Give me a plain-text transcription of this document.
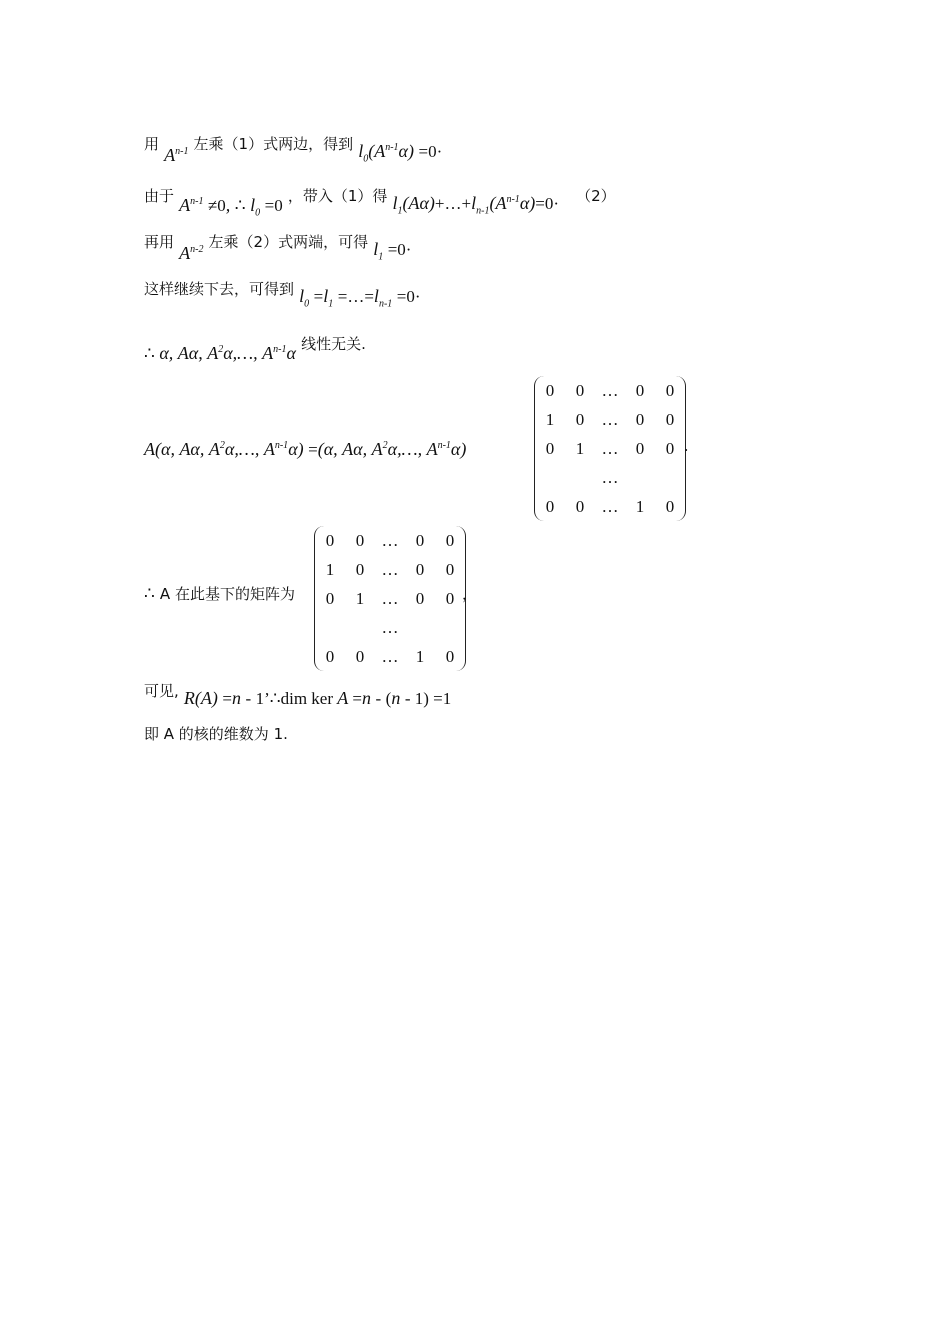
用 $A^{n-1}$ 左乘（1）式两边，得到 $l_0(A^{n-1}\alpha) =0\cdot$
由于 $A^{n-1} \ne 0$, ∴ $l_0 =0$ ，带入（1）得 $l_1(A\alpha)+\dots+l_{n-1}(A^{n-1}\alpha)=0\cdot (2)$
再用 $A^{n-2}$ 左乘（2）式两端，可得 $l_1 =0\cdot$
这样继续下去，可得到 $l_0 =l_1$ $=\dots=l_{n-1} =0\cdot$
∴ α, Aα, $A^2\alpha,\dots$, $A^{n-1}\alpha$ 线性无关.
A(α, Aα, $A^2\alpha,\dots$, $A^{n-1}\alpha) =(\alpha$, Aα, $A^2\alpha,\dots$, $A^{n-1}\alpha$)
0	0	…	0	0
1	0	…	0	0
0	1	…	0	0
		…		
0	0	…	1	0
.
∴ A 在此基下的矩阵为
0	0	…	0	0
1	0	…	0	0
0	1	…	0	0
		…		
0	0	…	1	0
，
可见, R(A) =n - 1’∴dim ker A =n - (n - 1) =1
即 A 的核的维数为 1.
